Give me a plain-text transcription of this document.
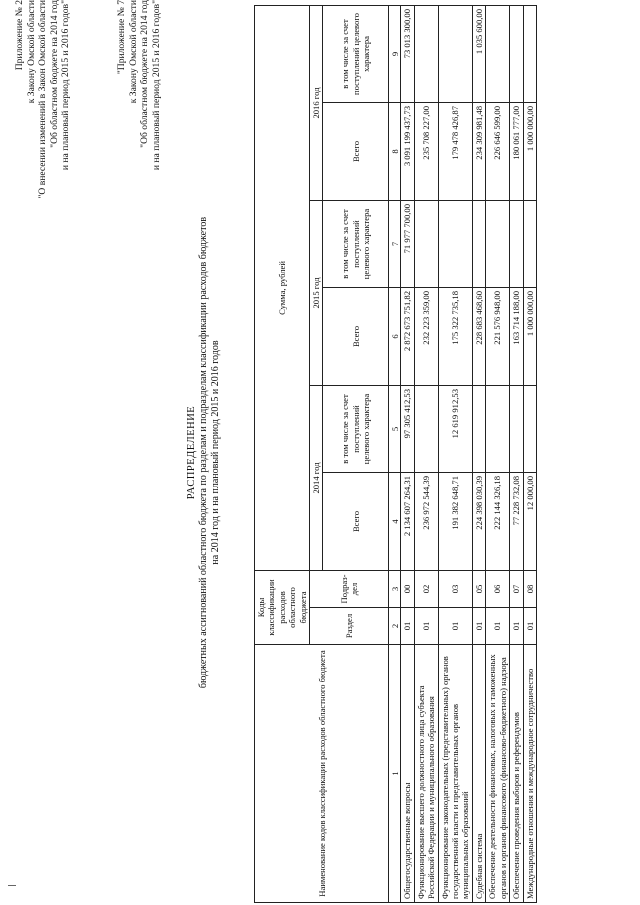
Приложение № 2 к Закону Омской области "О внесении изменений в Закон Омской области "Об областном бюджете на 2014 год и на плановый период 2015 и 2016 годов"	"Приложение № 7 к Закону Омской области "Об областном бюджете на 2014 год и на плановый период 2015 и 2016 годов"
РАСПРЕДЕЛЕНИЕ бюджетных ассигнований областного бюджета по разделам и подразделам классификации расходов бюджетов на 2014 год и на плановый период 2015 и 2016 годов
Наименование кодов классификации расходов областного бюджета	Коды классификации расходов областного бюджета		Сумма, рублей					
	Раздел	Подраз-дел	2014 год		2015 год		2016 год	
			Всего	в том числе за счет поступлений целевого характера	Всего	в том числе за счет поступлений целевого характера	Всего	в том числе за счет поступлений целевого характера
1	2	3	4	5	6	7	8	9
Общегосударственные вопросы	01	00	2 134 607 264,31	97 305 412,53	2 872 673 751,82	71 977 700,00	3 091 199 437,73	73 013 300,00
Функционирование высшего должностного лица субъекта Российской Федерации и муниципального образования	01	02	236 972 544,39		232 223 359,00		235 708 227,00	
Функционирование законодательных (представительных) органов государственной власти и представительных органов муниципальных образований	01	03	191 382 648,71	12 619 912,53	175 322 735,18		179 478 426,87	
Судебная система	01	05	224 398 030,39		228 683 468,60		234 309 981,48	1 035 600,00
Обеспечение деятельности финансовых, налоговых и таможенных органов и органов финансового (финансово-бюджетного) надзора	01	06	222 144 326,18		221 576 948,00		226 646 599,00	
Обеспечение проведения выборов и референдумов	01	07	77 228 732,08		163 714 188,00		180 061 777,00	
Международные отношения и международное сотрудничество	01	08	12 000,00		1 000 000,00		1 000 000,00	
